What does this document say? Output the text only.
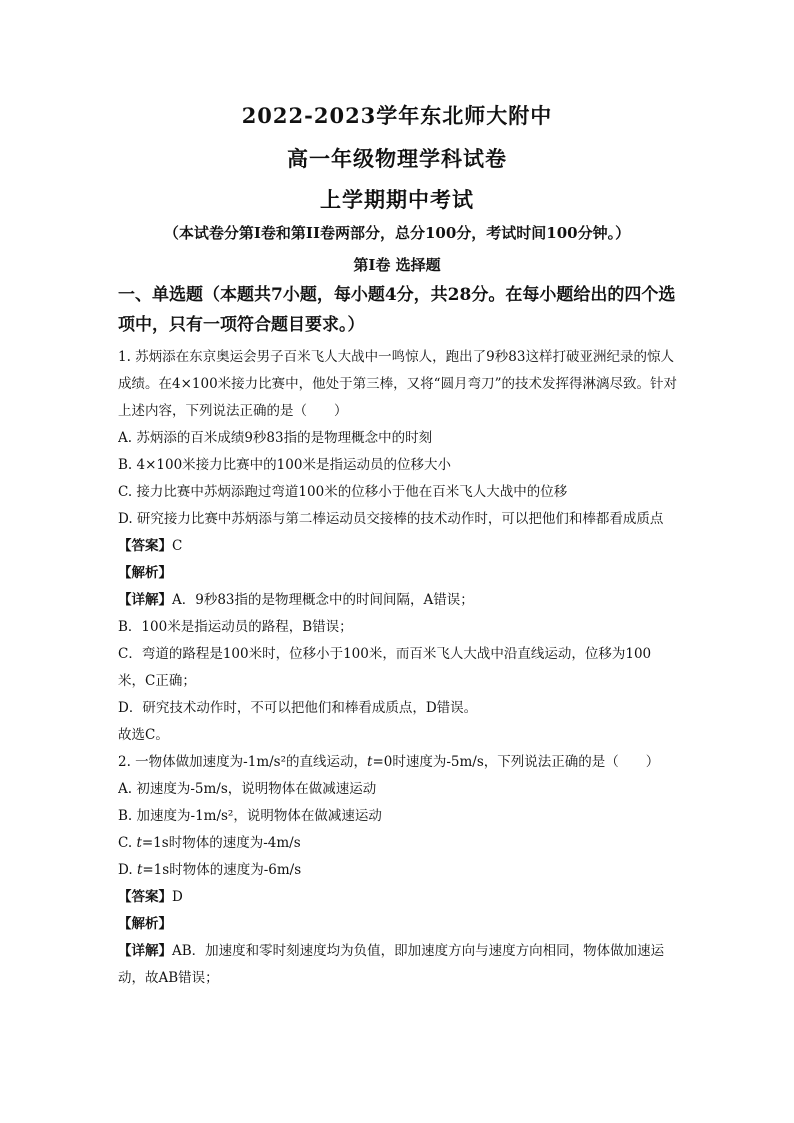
2022-2023学年东北师大附中
高一年级物理学科试卷
上学期期中考试
（本试卷分第I卷和第II卷两部分，总分100分，考试时间100分钟。）
第I卷 选择题
一、单选题（本题共7小题，每小题4分，共28分。在每小题给出的四个选项中，只有一项符合题目要求。）
1. 苏炳添在东京奥运会男子百米飞人大战中一鸣惊人，跑出了9秒83这样打破亚洲纪录的惊人成绩。在4×100米接力比赛中，他处于第三棒，又将“圆月弯刀”的技术发挥得淋漓尽致。针对上述内容，下列说法正确的是（　　）
A. 苏炳添的百米成绩9秒83指的是物理概念中的时刻
B. 4×100米接力比赛中的100米是指运动员的位移大小
C. 接力比赛中苏炳添跑过弯道100米的位移小于他在百米飞人大战中的位移
D. 研究接力比赛中苏炳添与第二棒运动员交接棒的技术动作时，可以把他们和棒都看成质点
【答案】C
【解析】
【详解】A．9秒83指的是物理概念中的时间间隔，A错误；
B．100米是指运动员的路程，B错误；
C．弯道的路程是100米时，位移小于100米，而百米飞人大战中沿直线运动，位移为100米，C正确；
D．研究技术动作时，不可以把他们和棒看成质点，D错误。
故选C。
2. 一物体做加速度为-1m/s²的直线运动，t=0时速度为-5m/s，下列说法正确的是（　　）
A. 初速度为-5m/s，说明物体在做减速运动
B. 加速度为-1m/s²，说明物体在做减速运动
C. t=1s时物体的速度为-4m/s
D. t=1s时物体的速度为-6m/s
【答案】D
【解析】
【详解】AB．加速度和零时刻速度均为负值，即加速度方向与速度方向相同，物体做加速运动，故AB错误；
